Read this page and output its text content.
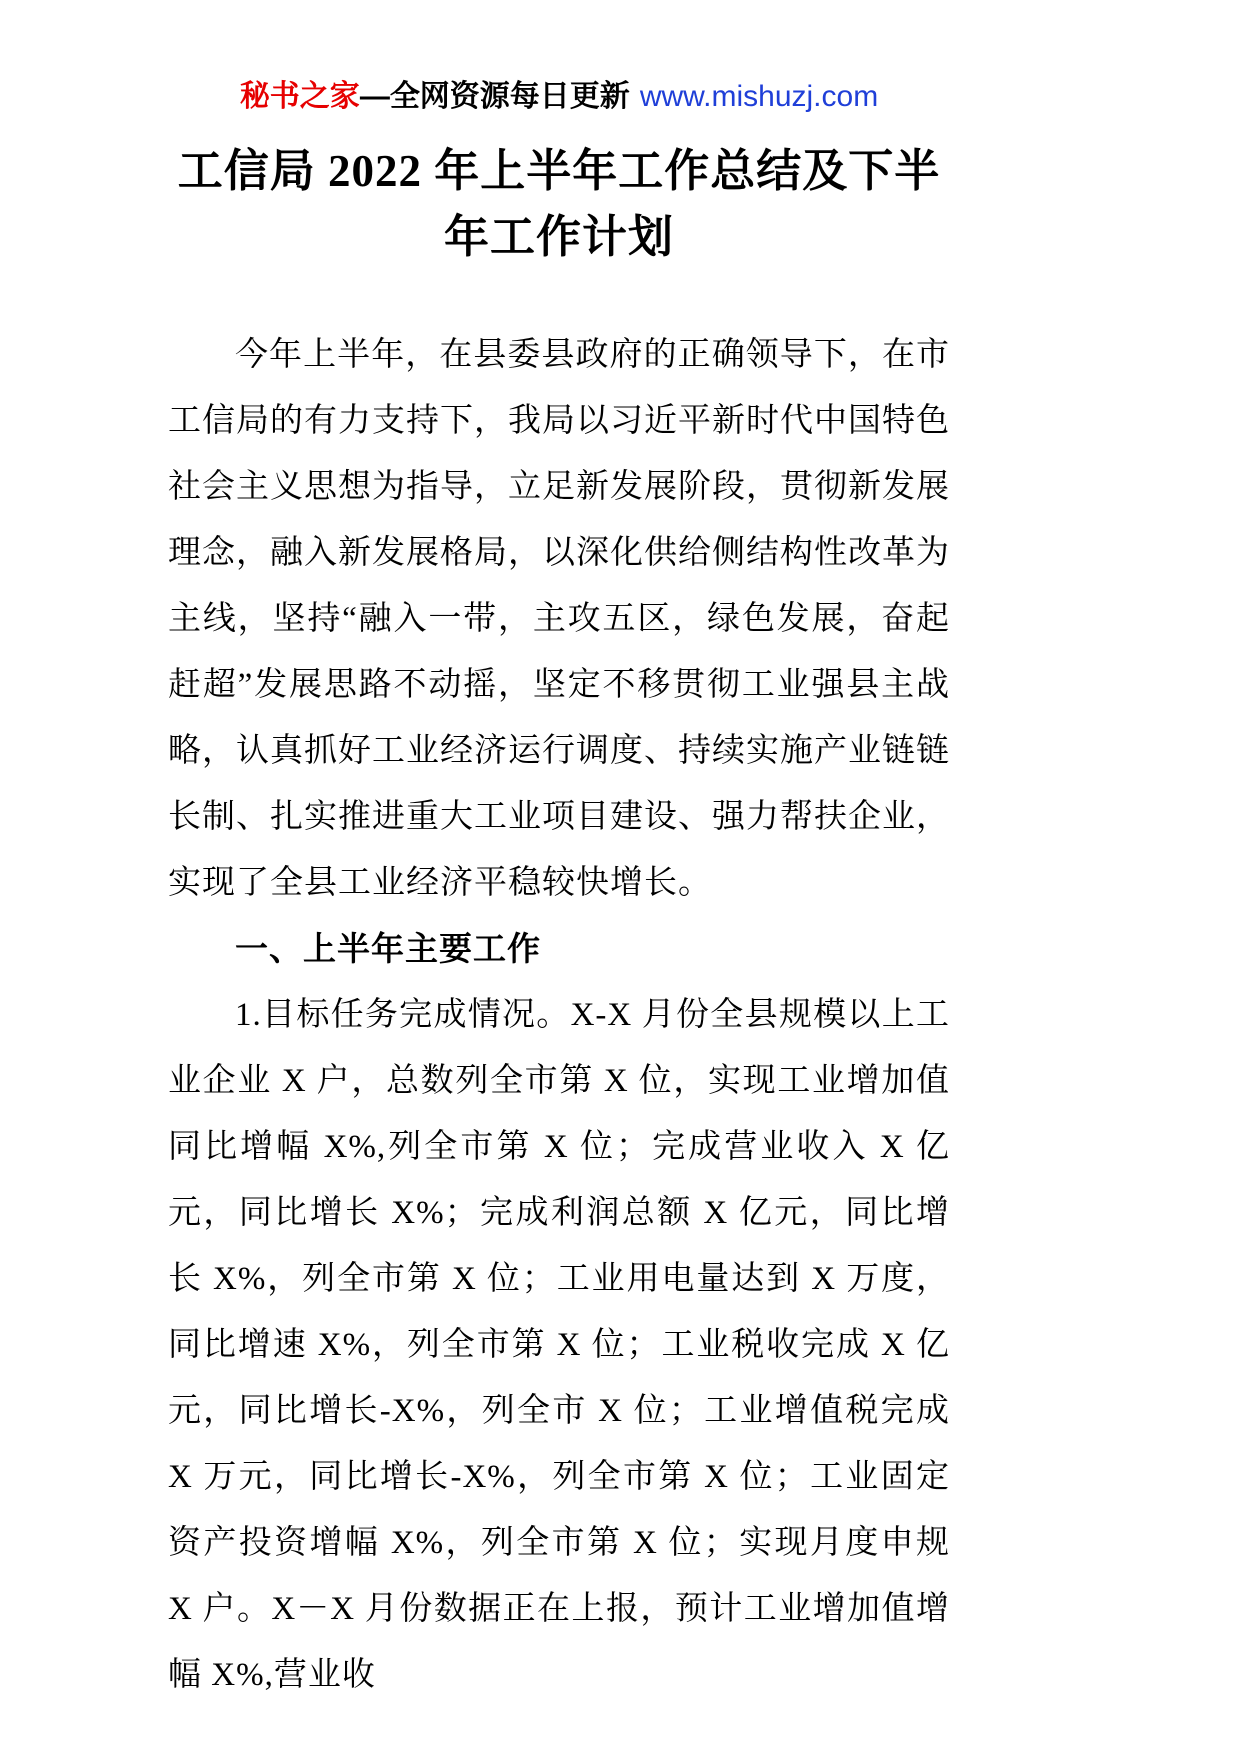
秘书之家—全网资源每日更新 www.mishuzj.com
工信局 2022 年上半年工作总结及下半年工作计划

今年上半年，在县委县政府的正确领导下，在市工信局的有力支持下，我局以习近平新时代中国特色社会主义思想为指导，立足新发展阶段，贯彻新发展理念，融入新发展格局，以深化供给侧结构性改革为主线，坚持“融入一带，主攻五区，绿色发展，奋起赶超”发展思路不动摇，坚定不移贯彻工业强县主战略，认真抓好工业经济运行调度、持续实施产业链链长制、扎实推进重大工业项目建设、强力帮扶企业，实现了全县工业经济平稳较快增长。

一、上半年主要工作

1.目标任务完成情况。X-X 月份全县规模以上工业企业 X 户，总数列全市第 X 位，实现工业增加值同比增幅 X%,列全市第 X 位；完成营业收入 X 亿元，同比增长 X%；完成利润总额 X 亿元，同比增长 X%，列全市第 X 位；工业用电量达到 X 万度，同比增速 X%，列全市第 X 位；工业税收完成 X 亿元，同比增长-X%，列全市 X 位；工业增值税完成 X 万元，同比增长-X%，列全市第 X 位；工业固定资产投资增幅 X%，列全市第 X 位；实现月度申规 X 户。X－X 月份数据正在上报，预计工业增加值增幅 X%,营业收
